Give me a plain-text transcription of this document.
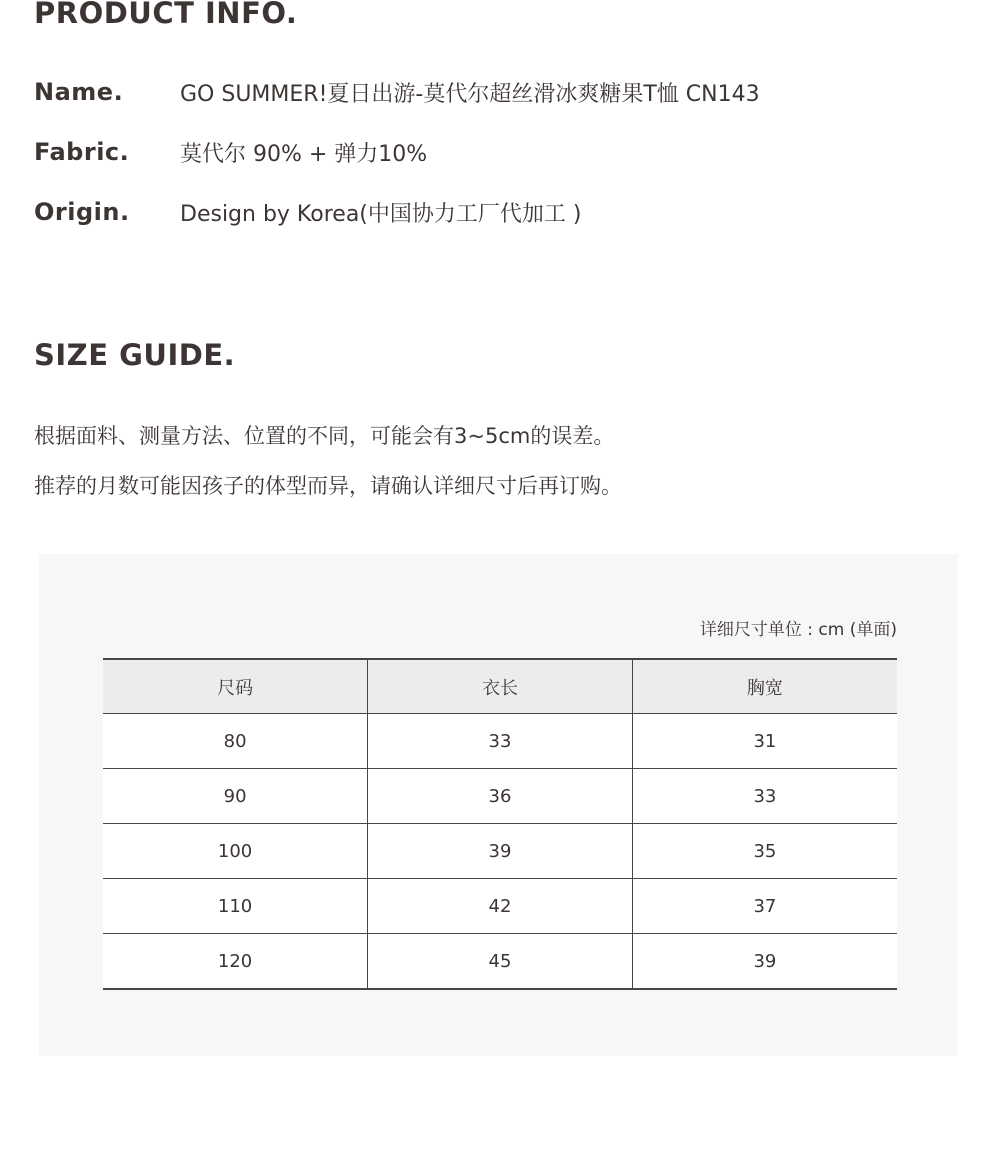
PRODUCT INFO.
Name.	GO SUMMER!夏日出游-莫代尔超丝滑冰爽糖果T恤 CN143
Fabric.	莫代尔 90% + 弹力10%
Origin.	Design by Korea(中国协力工厂代加工 )
SIZE GUIDE.

根据面料、测量方法、位置的不同，可能会有3~5cm的误差。

推荐的月数可能因孩子的体型而异，请确认详细尺寸后再订购。

详细尺寸单位 : cm (单面)
尺码	衣长	胸宽
80	33	31
90	36	33
100	39	35
110	42	37
120	45	39
